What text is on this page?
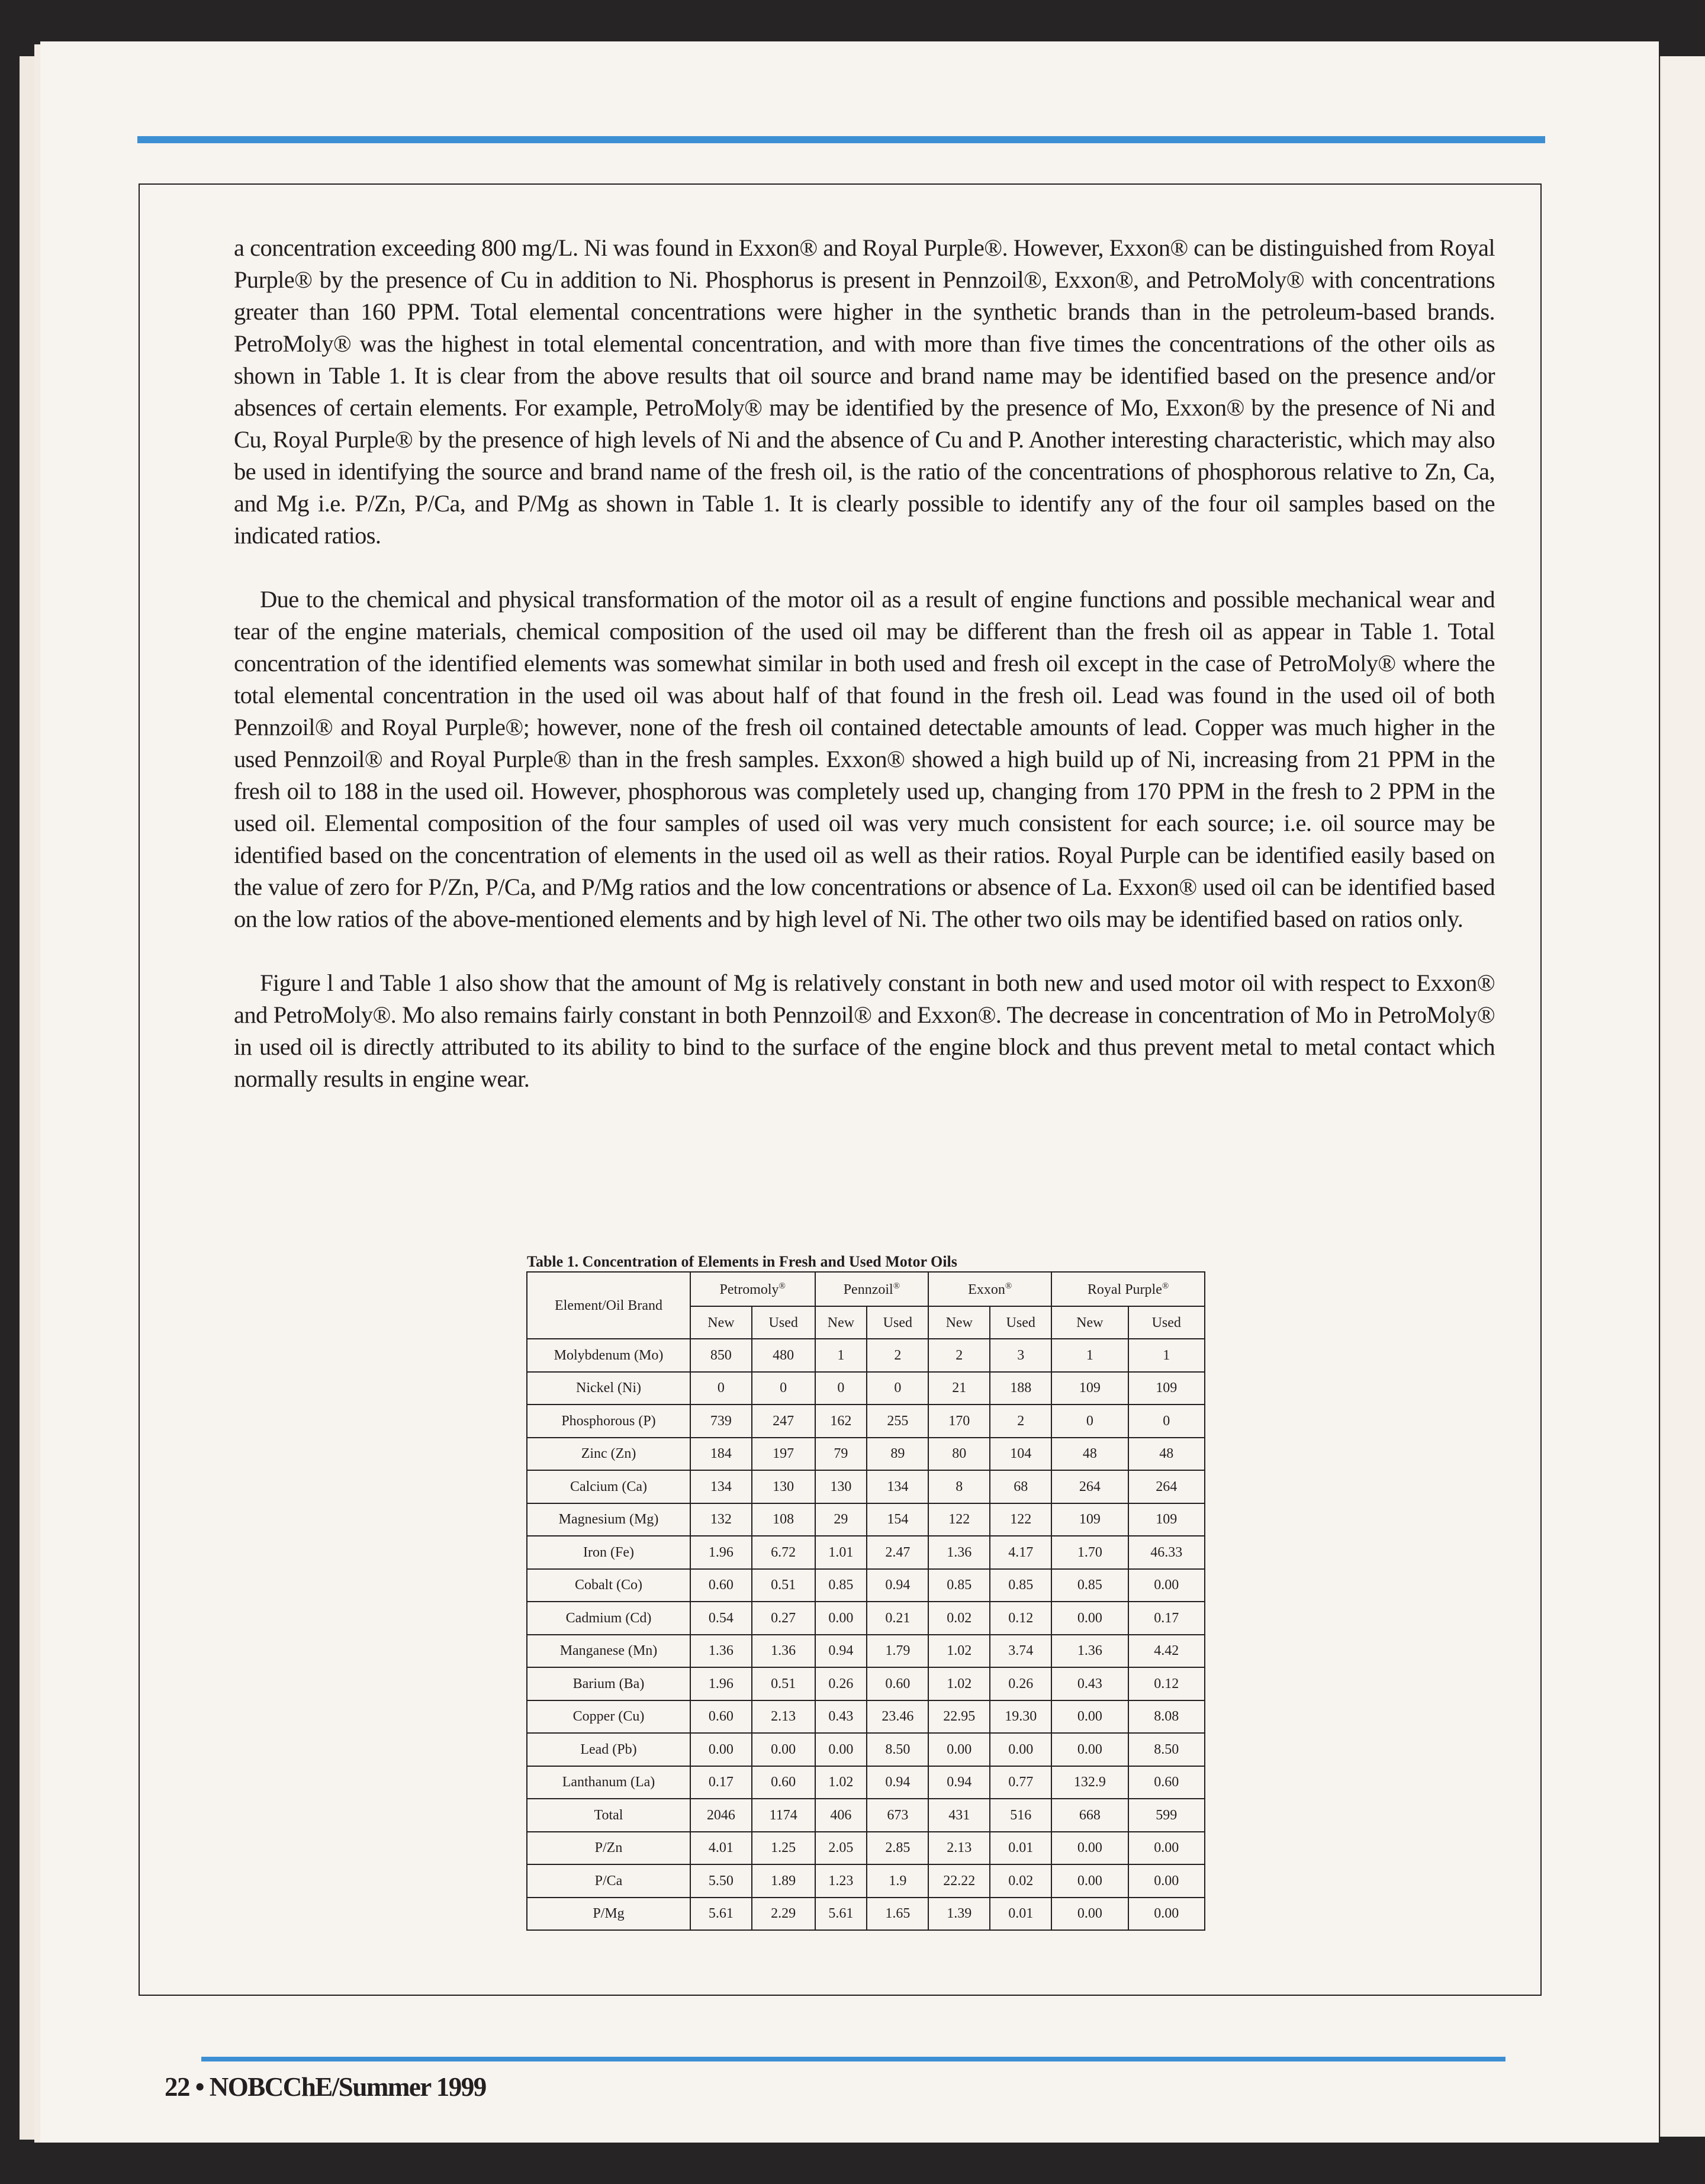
a concentration exceeding 800 mg/L. Ni was found in Exxon® and Royal Purple®. However, Exxon® can be distinguished from Royal Purple® by the presence of Cu in addition to Ni. Phosphorus is present in Pennzoil®, Exxon®, and PetroMoly® with concentrations greater than 160 PPM. Total elemental concentrations were higher in the synthetic brands than in the petroleum-based brands. PetroMoly® was the highest in total elemental concentration, and with more than five times the concentrations of the other oils as shown in Table 1. It is clear from the above results that oil source and brand name may be identified based on the presence and/or absences of certain elements. For example, PetroMoly® may be identified by the presence of Mo, Exxon® by the presence of Ni and Cu, Royal Purple® by the presence of high levels of Ni and the absence of Cu and P. Another interesting characteristic, which may also be used in identifying the source and brand name of the fresh oil, is the ratio of the concentrations of phosphorous relative to Zn, Ca, and Mg i.e. P/Zn, P/Ca, and P/Mg as shown in Table 1. It is clearly possible to identify any of the four oil samples based on the indicated ratios.

Due to the chemical and physical transformation of the motor oil as a result of engine functions and possible mechanical wear and tear of the engine materials, chemical composition of the used oil may be different than the fresh oil as appear in Table 1. Total concentration of the identified elements was somewhat similar in both used and fresh oil except in the case of PetroMoly® where the total elemental concentration in the used oil was about half of that found in the fresh oil. Lead was found in the used oil of both Pennzoil® and Royal Purple®; however, none of the fresh oil contained detectable amounts of lead. Copper was much higher in the used Pennzoil® and Royal Purple® than in the fresh samples. Exxon® showed a high build up of Ni, increasing from 21 PPM in the fresh oil to 188 in the used oil. However, phosphorous was completely used up, changing from 170 PPM in the fresh to 2 PPM in the used oil. Elemental composition of the four samples of used oil was very much consistent for each source; i.e. oil source may be identified based on the concentration of elements in the used oil as well as their ratios. Royal Purple can be identified easily based on the value of zero for P/Zn, P/Ca, and P/Mg ratios and the low concentrations or absence of La. Exxon® used oil can be identified based on the low ratios of the above-mentioned elements and by high level of Ni. The other two oils may be identified based on ratios only.

Figure l and Table 1 also show that the amount of Mg is relatively constant in both new and used motor oil with respect to Exxon® and PetroMoly®. Mo also remains fairly constant in both Pennzoil® and Exxon®. The decrease in concentration of Mo in PetroMoly® in used oil is directly attributed to its ability to bind to the surface of the engine block and thus prevent metal to metal contact which normally results in engine wear.

Table 1. Concentration of Elements in Fresh and Used Motor Oils
Element/Oil Brand	Petromoly®		Pennzoil®		Exxon®		Royal Purple®
	New	Used	New	Used	New	Used	New	Used
Molybdenum (Mo)	850	480	1	2	2	3	1	1
Nickel (Ni)	0	0	0	0	21	188	109	109
Phosphorous (P)	739	247	162	255	170	2	0	0
Zinc (Zn)	184	197	79	89	80	104	48	48
Calcium (Ca)	134	130	130	134	8	68	264	264
Magnesium (Mg)	132	108	29	154	122	122	109	109
Iron (Fe)	1.96	6.72	1.01	2.47	1.36	4.17	1.70	46.33
Cobalt (Co)	0.60	0.51	0.85	0.94	0.85	0.85	0.85	0.00
Cadmium (Cd)	0.54	0.27	0.00	0.21	0.02	0.12	0.00	0.17
Manganese (Mn)	1.36	1.36	0.94	1.79	1.02	3.74	1.36	4.42
Barium (Ba)	1.96	0.51	0.26	0.60	1.02	0.26	0.43	0.12
Copper (Cu)	0.60	2.13	0.43	23.46	22.95	19.30	0.00	8.08
Lead (Pb)	0.00	0.00	0.00	8.50	0.00	0.00	0.00	8.50
Lanthanum (La)	0.17	0.60	1.02	0.94	0.94	0.77	132.9	0.60
Total	2046	1174	406	673	431	516	668	599
P/Zn	4.01	1.25	2.05	2.85	2.13	0.01	0.00	0.00
P/Ca	5.50	1.89	1.23	1.9	22.22	0.02	0.00	0.00
P/Mg	5.61	2.29	5.61	1.65	1.39	0.01	0.00	0.00
22 • NOBCChE/Summer 1999
